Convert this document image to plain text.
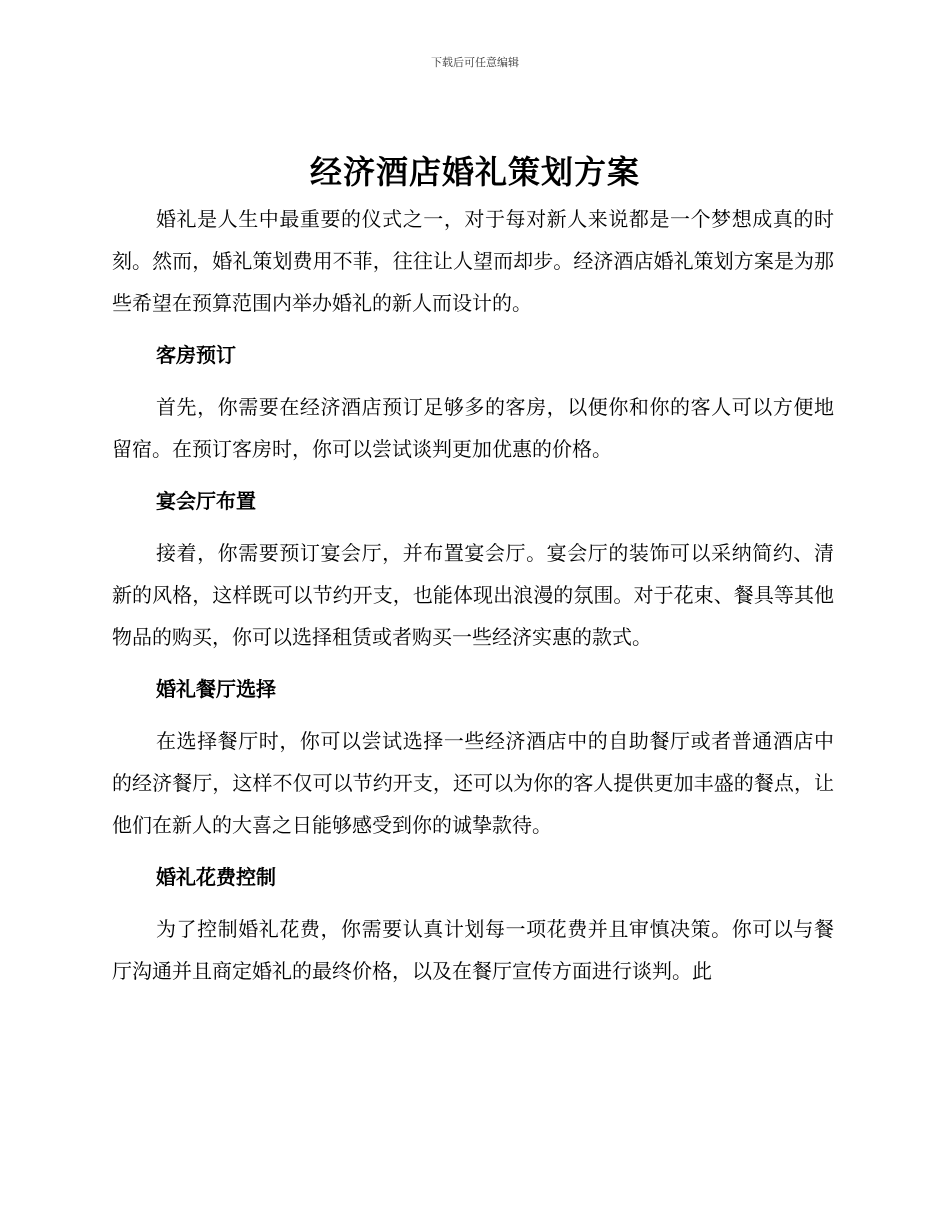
下载后可任意编辑
经济酒店婚礼策划方案

婚礼是人生中最重要的仪式之一，对于每对新人来说都是一个梦想成真的时刻。然而，婚礼策划费用不菲，往往让人望而却步。经济酒店婚礼策划方案是为那些希望在预算范围内举办婚礼的新人而设计的。

客房预订

首先，你需要在经济酒店预订足够多的客房，以便你和你的客人可以方便地留宿。在预订客房时，你可以尝试谈判更加优惠的价格。

宴会厅布置

接着，你需要预订宴会厅，并布置宴会厅。宴会厅的装饰可以采纳简约、清新的风格，这样既可以节约开支，也能体现出浪漫的氛围。对于花束、餐具等其他物品的购买，你可以选择租赁或者购买一些经济实惠的款式。

婚礼餐厅选择

在选择餐厅时，你可以尝试选择一些经济酒店中的自助餐厅或者普通酒店中的经济餐厅，这样不仅可以节约开支，还可以为你的客人提供更加丰盛的餐点，让他们在新人的大喜之日能够感受到你的诚挚款待。

婚礼花费控制

为了控制婚礼花费，你需要认真计划每一项花费并且审慎决策。你可以与餐厅沟通并且商定婚礼的最终价格，以及在餐厅宣传方面进行谈判。此
